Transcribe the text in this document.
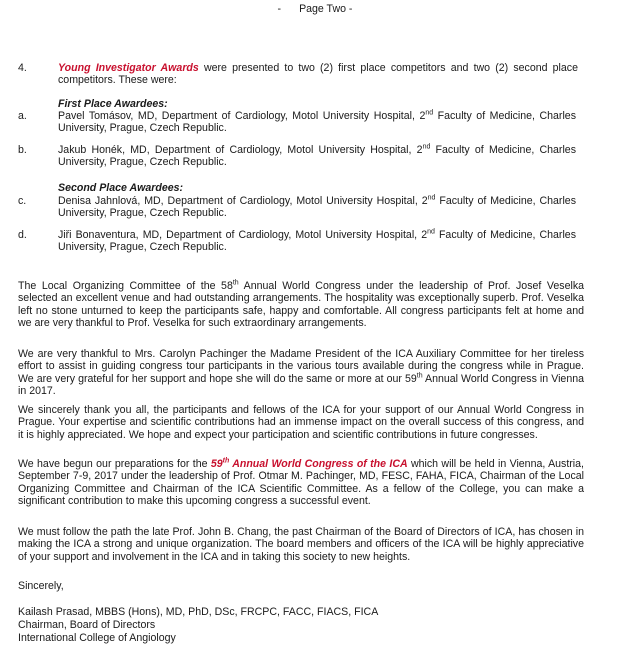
- Page Two -
4.	Young Investigator Awards were presented to two (2) first place competitors and two (2) second place competitors. These were:
First Place Awardees:
a.	Pavel Tomásov, MD, Department of Cardiology, Motol University Hospital, 2nd Faculty of Medicine, Charles University, Prague, Czech Republic.
b.	Jakub Honék, MD, Department of Cardiology, Motol University Hospital, 2nd Faculty of Medicine, Charles University, Prague, Czech Republic.
Second Place Awardees:
c.	Denisa Jahnlová, MD, Department of Cardiology, Motol University Hospital, 2nd Faculty of Medicine, Charles University, Prague, Czech Republic.
d.	Jiři Bonaventura, MD, Department of Cardiology, Motol University Hospital, 2nd Faculty of Medicine, Charles University, Prague, Czech Republic.
The Local Organizing Committee of the 58th Annual World Congress under the leadership of Prof. Josef Veselka selected an excellent venue and had outstanding arrangements. The hospitality was exceptionally superb. Prof. Veselka left no stone unturned to keep the participants safe, happy and comfortable. All congress participants felt at home and we are very thankful to Prof. Veselka for such extraordinary arrangements.
We are very thankful to Mrs. Carolyn Pachinger the Madame President of the ICA Auxiliary Committee for her tireless effort to assist in guiding congress tour participants in the various tours available during the congress while in Prague. We are very grateful for her support and hope she will do the same or more at our 59th Annual World Congress in Vienna in 2017.
We sincerely thank you all, the participants and fellows of the ICA for your support of our Annual World Congress in Prague. Your expertise and scientific contributions had an immense impact on the overall success of this congress, and it is highly appreciated. We hope and expect your participation and scientific contributions in future congresses.
We have begun our preparations for the 59th Annual World Congress of the ICA which will be held in Vienna, Austria, September 7-9, 2017 under the leadership of Prof. Otmar M. Pachinger, MD, FESC, FAHA, FICA, Chairman of the Local Organizing Committee and Chairman of the ICA Scientific Committee. As a fellow of the College, you can make a significant contribution to make this upcoming congress a successful event.
We must follow the path the late Prof. John B. Chang, the past Chairman of the Board of Directors of ICA, has chosen in making the ICA a strong and unique organization. The board members and officers of the ICA will be highly appreciative of your support and involvement in the ICA and in taking this society to new heights.
Sincerely,
Kailash Prasad, MBBS (Hons), MD, PhD, DSc, FRCPC, FACC, FIACS, FICA
Chairman, Board of Directors
International College of Angiology
